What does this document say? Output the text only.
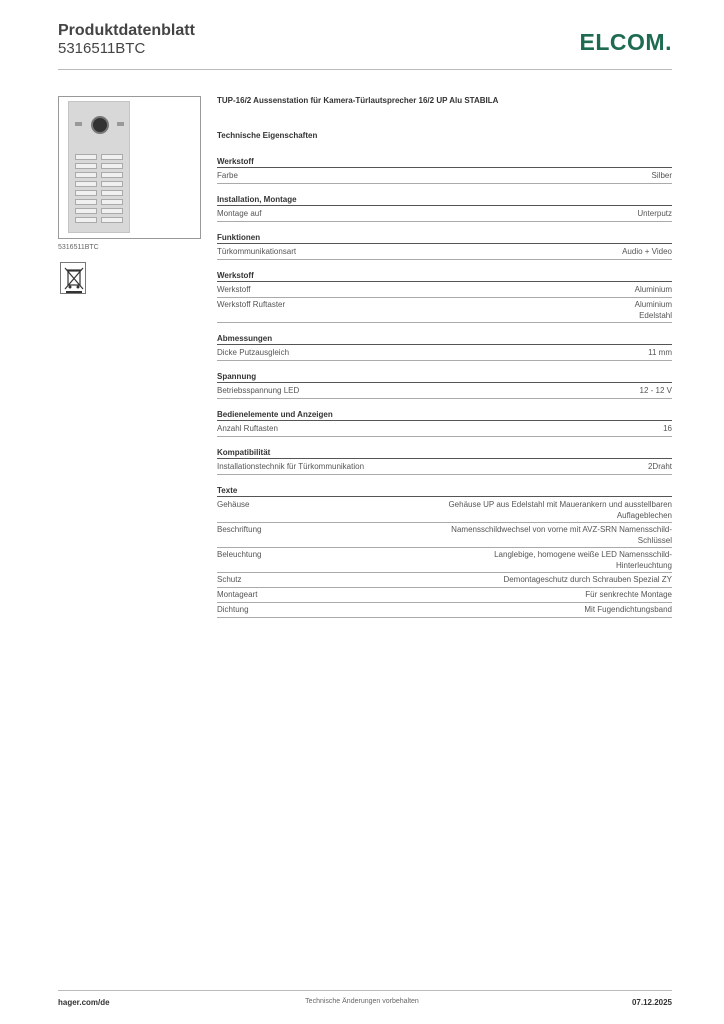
Produktdatenblatt
5316511BTC	ELCOM.
5316511BTC
TUP-16/2 Aussenstation für Kamera-Türlautsprecher 16/2 UP Alu STABILA
Technische Eigenschaften
Werkstoff
Farbe	Silber
Installation, Montage
Montage auf	Unterputz
Funktionen
Türkommunikationsart	Audio + Video
Werkstoff
Werkstoff	Aluminium
Werkstoff Ruftaster	Aluminium
Edelstahl
Abmessungen
Dicke Putzausgleich	11 mm
Spannung
Betriebsspannung LED	12 - 12 V
Bedienelemente und Anzeigen
Anzahl Ruftasten	16
Kompatibilität
Installationstechnik für Türkommunikation	2Draht
Texte
Gehäuse	Gehäuse UP aus Edelstahl mit Mauerankern und ausstellbaren
Auflageblechen
Beschriftung	Namensschildwechsel von vorne mit AVZ-SRN Namensschild-
Schlüssel
Beleuchtung	Langlebige, homogene weiße LED Namensschild-
Hinterleuchtung
Schutz	Demontageschutz durch Schrauben Spezial ZY
Montageart	Für senkrechte Montage
Dichtung	Mit Fugendichtungsband
hager.com/de	Technische Änderungen vorbehalten	07.12.2025
